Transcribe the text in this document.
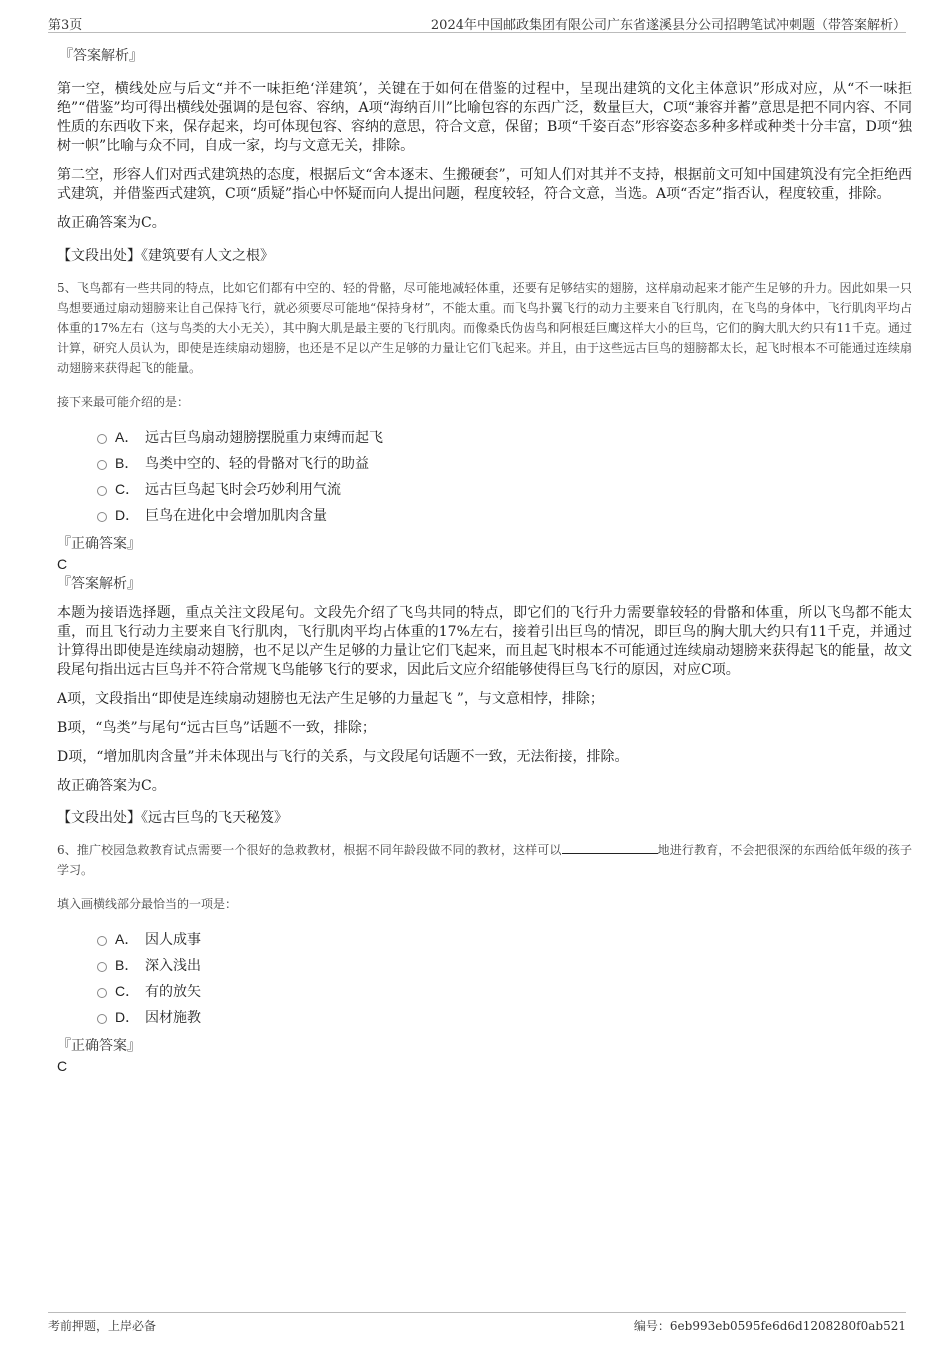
第3页	2024年中国邮政集团有限公司广东省遂溪县分公司招聘笔试冲刺题（带答案解析）

『答案解析』

第一空，横线处应与后文“并不一味拒绝‘洋建筑’，关键在于如何在借鉴的过程中，呈现出建筑的文化主体意识”形成对应，从“不一味拒绝”“借鉴”均可得出横线处强调的是包容、容纳，A项“海纳百川”比喻包容的东西广泛，数量巨大，C项“兼容并蓄”意思是把不同内容、不同性质的东西收下来，保存起来，均可体现包容、容纳的意思，符合文意，保留；B项“千姿百态”形容姿态多种多样或种类十分丰富，D项“独树一帜”比喻与众不同，自成一家，均与文意无关，排除。

第二空，形容人们对西式建筑热的态度，根据后文“舍本逐末、生搬硬套”，可知人们对其并不支持，根据前文可知中国建筑没有完全拒绝西式建筑，并借鉴西式建筑，C项“质疑”指心中怀疑而向人提出问题，程度较轻，符合文意，当选。A项“否定”指否认，程度较重，排除。

故正确答案为C。

【文段出处】《建筑要有人文之根》

5、飞鸟都有一些共同的特点，比如它们都有中空的、轻的骨骼，尽可能地减轻体重，还要有足够结实的翅膀，这样扇动起来才能产生足够的升力。因此如果一只鸟想要通过扇动翅膀来让自己保持飞行，就必须要尽可能地“保持身材”，不能太重。而飞鸟扑翼飞行的动力主要来自飞行肌肉，在飞鸟的身体中，飞行肌肉平均占体重的17%左右（这与鸟类的大小无关），其中胸大肌是最主要的飞行肌肉。而像桑氏伪齿鸟和阿根廷巨鹰这样大小的巨鸟，它们的胸大肌大约只有11千克。通过计算，研究人员认为，即使是连续扇动翅膀，也还是不足以产生足够的力量让它们飞起来。并且，由于这些远古巨鸟的翅膀都太长，起飞时根本不可能通过连续扇动翅膀来获得起飞的能量。

接下来最可能介绍的是：

A． 远古巨鸟扇动翅膀摆脱重力束缚而起飞
B． 鸟类中空的、轻的骨骼对飞行的助益
C． 远古巨鸟起飞时会巧妙利用气流
D． 巨鸟在进化中会增加肌肉含量

『正确答案』

C

『答案解析』

本题为接语选择题，重点关注文段尾句。文段先介绍了飞鸟共同的特点，即它们的飞行升力需要靠较轻的骨骼和体重，所以飞鸟都不能太重，而且飞行动力主要来自飞行肌肉，飞行肌肉平均占体重的17%左右，接着引出巨鸟的情况，即巨鸟的胸大肌大约只有11千克，并通过计算得出即使是连续扇动翅膀，也不足以产生足够的力量让它们飞起来，而且起飞时根本不可能通过连续扇动翅膀来获得起飞的能量，故文段尾句指出远古巨鸟并不符合常规飞鸟能够飞行的要求，因此后文应介绍能够使得巨鸟飞行的原因，对应C项。

A项，文段指出“即使是连续扇动翅膀也无法产生足够的力量起飞 ”，与文意相悖，排除；

B项，“鸟类”与尾句“远古巨鸟”话题不一致，排除；

D项，“增加肌肉含量”并未体现出与飞行的关系，与文段尾句话题不一致，无法衔接，排除。

故正确答案为C。

【文段出处】《远古巨鸟的飞天秘笈》

6、推广校园急救教育试点需要一个很好的急救教材，根据不同年龄段做不同的教材，这样可以	地进行教育，不会把很深的东西给低年级的孩子学习。

填入画横线部分最恰当的一项是：

A． 因人成事
B． 深入浅出
C． 有的放矢
D． 因材施教

『正确答案』

C

考前押题，上岸必备	编号：6eb993eb0595fe6d6d1208280f0ab521
